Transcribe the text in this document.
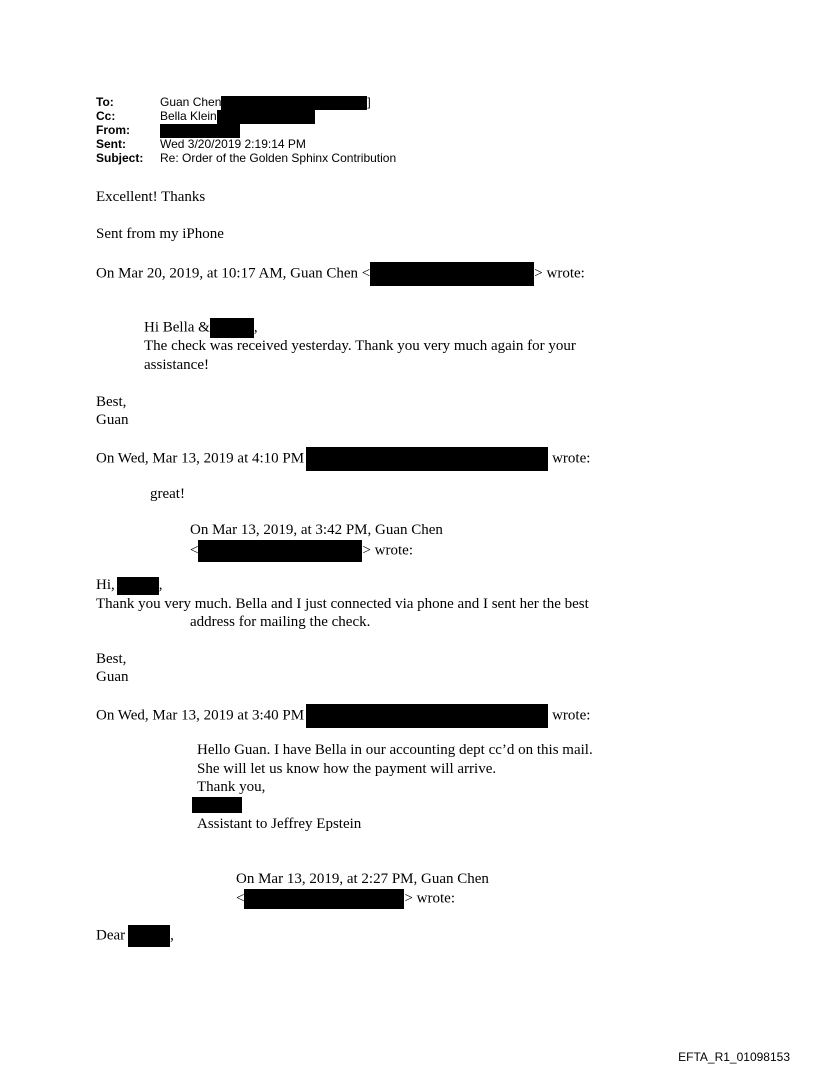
To:	Guan Chen	]
Cc:	Bella Klein
From:
Sent:	Wed 3/20/2019 2:19:14 PM
Subject: Re: Order of the Golden Sphinx Contribution
Excellent! Thanks
Sent from my iPhone
On Mar 20, 2019, at 10:17 AM, Guan Chen <	> wrote:
Hi Bella &	,
The check was received yesterday. Thank you very much again for your
assistance!
Best,
Guan
On Wed, Mar 13, 2019 at 4:10 PM	wrote:
great!
On Mar 13, 2019, at 3:42 PM, Guan Chen
<	> wrote:
Hi,	,
Thank you very much. Bella and I just connected via phone and I sent her the best
address for mailing the check.
Best,
Guan
On Wed, Mar 13, 2019 at 3:40 PM	wrote:
Hello Guan. I have Bella in our accounting dept cc’d on this mail.
She will let us know how the payment will arrive.
Thank you,
Assistant to Jeffrey Epstein
On Mar 13, 2019, at 2:27 PM, Guan Chen
<	> wrote:
Dear	,
EFTA_R1_01098153
